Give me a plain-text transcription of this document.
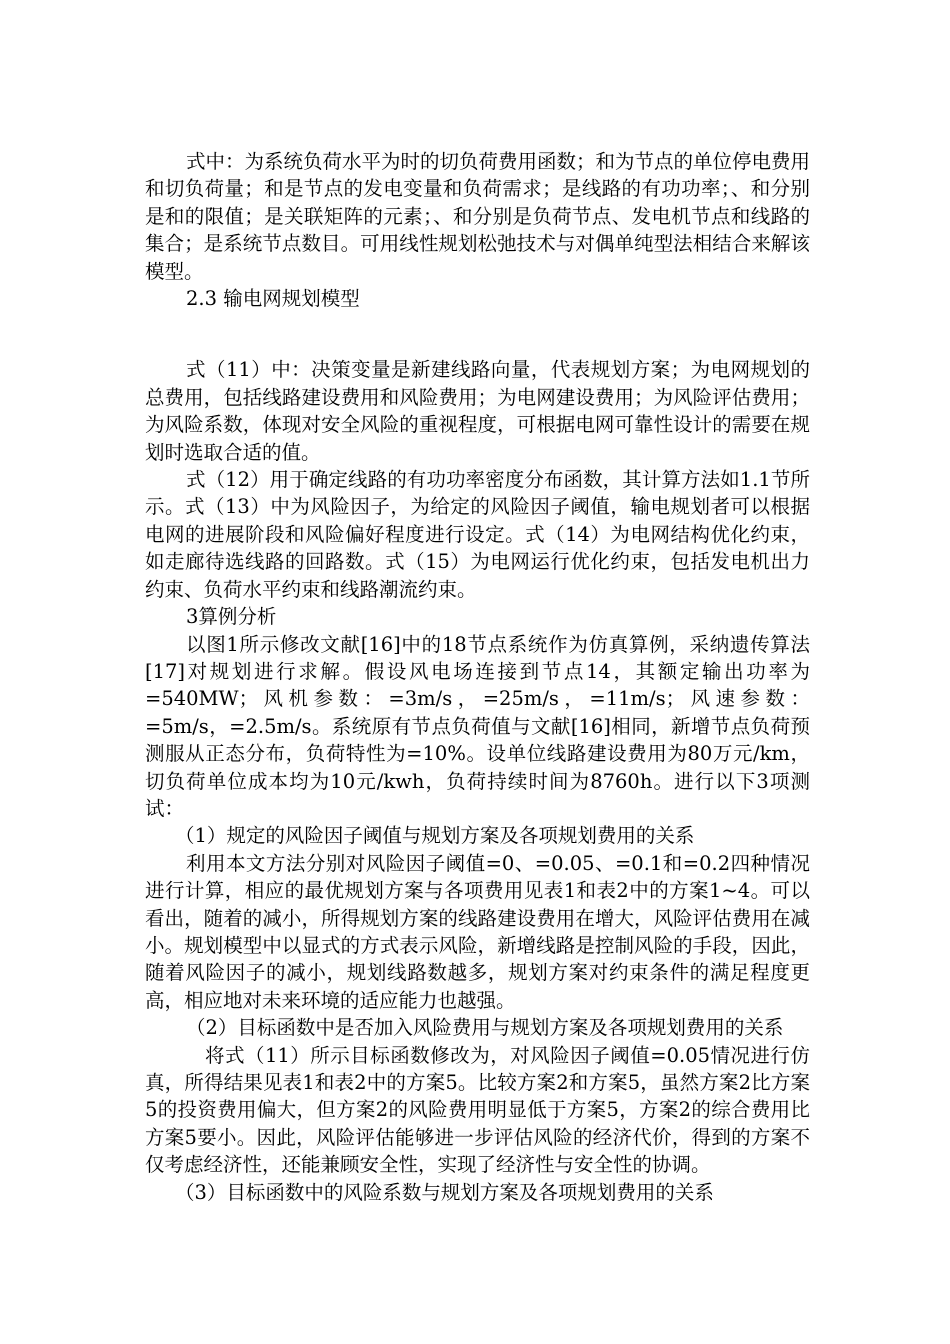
式中：为系统负荷水平为时的切负荷费用函数；和为节点的单位停电费用和切负荷量；和是节点的发电变量和负荷需求；是线路的有功功率；、和分别是和的限值；是关联矩阵的元素；、和分别是负荷节点、发电机节点和线路的集合；是系统节点数目。可用线性规划松弛技术与对偶单纯型法相结合来解该模型。

2.3 输电网规划模型

式（11）中：决策变量是新建线路向量，代表规划方案；为电网规划的总费用，包括线路建设费用和风险费用；为电网建设费用；为风险评估费用；为风险系数，体现对安全风险的重视程度，可根据电网可靠性设计的需要在规划时选取合适的值。

式（12）用于确定线路的有功功率密度分布函数，其计算方法如1.1节所示。式（13）中为风险因子，为给定的风险因子阈值，输电规划者可以根据电网的进展阶段和风险偏好程度进行设定。式（14）为电网结构优化约束，如走廊待选线路的回路数。式（15）为电网运行优化约束，包括发电机出力约束、负荷水平约束和线路潮流约束。

3算例分析

以图1所示修改文献[16]中的18节点系统作为仿真算例，采纳遗传算法[17]对规划进行求解。假设风电场连接到节点14，其额定输出功率为=540MW；风机参数：=3m/s，=25m/s，=11m/s；风速参数：=5m/s，=2.5m/s。系统原有节点负荷值与文献[16]相同，新增节点负荷预测服从正态分布，负荷特性为=10%。设单位线路建设费用为80万元/km，切负荷单位成本均为10元/kwh，负荷持续时间为8760h。进行以下3项测试：

（1）规定的风险因子阈值与规划方案及各项规划费用的关系

利用本文方法分别对风险因子阈值=0、=0.05、=0.1和=0.2四种情况进行计算，相应的最优规划方案与各项费用见表1和表2中的方案1~4。可以看出，随着的减小，所得规划方案的线路建设费用在增大，风险评估费用在减小。规划模型中以显式的方式表示风险，新增线路是控制风险的手段，因此，随着风险因子的减小，规划线路数越多，规划方案对约束条件的满足程度更高，相应地对未来环境的适应能力也越强。

（2）目标函数中是否加入风险费用与规划方案及各项规划费用的关系

将式（11）所示目标函数修改为，对风险因子阈值=0.05情况进行仿真，所得结果见表1和表2中的方案5。比较方案2和方案5，虽然方案2比方案5的投资费用偏大，但方案2的风险费用明显低于方案5，方案2的综合费用比方案5要小。因此，风险评估能够进一步评估风险的经济代价，得到的方案不仅考虑经济性，还能兼顾安全性，实现了经济性与安全性的协调。

（3）目标函数中的风险系数与规划方案及各项规划费用的关系
